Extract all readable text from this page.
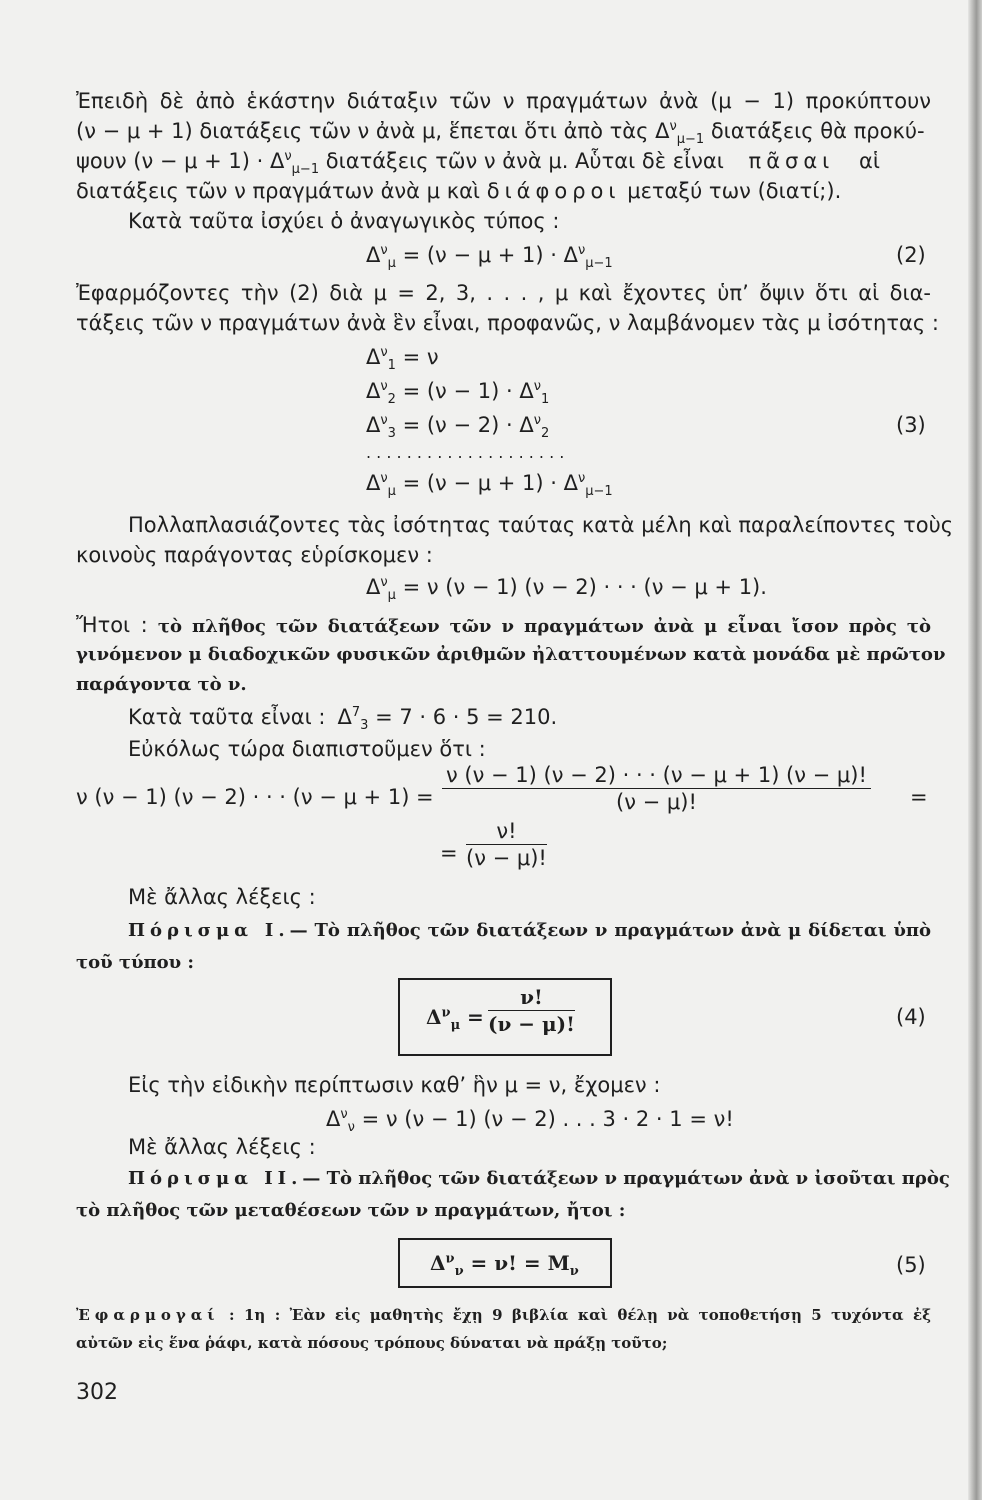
Ἐπειδὴ δὲ ἀπὸ ἑκάστην διάταξιν τῶν ν πραγμάτων ἀνὰ (μ − 1) προκύπτουν
(ν − μ + 1) διατάξεις τῶν ν ἀνὰ μ, ἕπεται ὅτι ἀπὸ τὰς $\Delta^\nu_{\mu-1}$ διατάξεις θὰ προκύ-
ψουν $(\nu - \mu + 1) \cdot \Delta^\nu_{\mu-1}$ διατάξεις τῶν ν ἀνὰ μ. Αὗται δὲ εἶναι πᾶσαι αἱ
διατάξεις τῶν ν πραγμάτων ἀνὰ μ καὶ διάφοροι μεταξύ των (διατί;).
Κατὰ ταῦτα ἰσχύει ὁ ἀναγωγικὸς τύπος :
$\Delta^\nu_\mu = (\nu - \mu + 1) \cdot \Delta^\nu_{\mu-1}$	(2)
Ἐφαρμόζοντες τὴν (2) διὰ μ = 2, 3, . . . , μ καὶ ἔχοντες ὑπ’ ὄψιν ὅτι αἱ δια-
τάξεις τῶν ν πραγμάτων ἀνὰ ἓν εἶναι, προφανῶς, ν λαμβάνομεν τὰς μ ἰσότητας :
$\Delta^\nu_1 = \nu$
$\Delta^\nu_2 = (\nu - 1) \cdot \Delta^\nu_1$
$\Delta^\nu_3 = (\nu - 2) \cdot \Delta^\nu_2$	(3)
. . . . . . . . . . . . . . . . . . . .
$\Delta^\nu_\mu = (\nu - \mu + 1) \cdot \Delta^\nu_{\mu-1}$
Πολλαπλασιάζοντες τὰς ἰσότητας ταύτας κατὰ μέλη καὶ παραλείποντες τοὺς
κοινοὺς παράγοντας εὑρίσκομεν :
$\Delta^\nu_\mu = \nu$ (ν − 1) (ν − 2) · · · (ν − μ + 1).
Ἤτοι : τὸ πλῆθος τῶν διατάξεων τῶν ν πραγμάτων ἀνὰ μ εἶναι ἴσον πρὸς τὸ
γινόμενον μ διαδοχικῶν φυσικῶν ἀριθμῶν ἠλαττουμένων κατὰ μονάδα μὲ πρῶτον
παράγοντα τὸ ν.
Κατὰ ταῦτα εἶναι : $\Delta^7_3 = 7 \cdot 6 \cdot 5 = 210$.
Εὐκόλως τώρα διαπιστοῦμεν ὅτι :
ν (ν − 1) (ν − 2) · · · $(\nu - \mu + 1) = \frac{\nu (\nu - 1) (\nu - 2) \cdot \cdot \cdot (\nu - \mu + 1) (\nu - \mu)!}{(\nu - \mu)!}$ =
= $\frac{\nu!}{(\nu - \mu)!}$
Μὲ ἄλλας λέξεις :
Πόρισμα Ι.— Τὸ πλῆθος τῶν διατάξεων ν πραγμάτων ἀνὰ μ δίδεται ὑπὸ
τοῦ τύπου :
$\Delta^\nu_\mu = \frac{\nu!}{(\nu - \mu)!}$	(4)
Εἰς τὴν εἰδικὴν περίπτωσιν καθ’ ἣν μ = ν, ἔχομεν :
$\Delta^\nu_\nu = \nu$ (ν − 1) (ν − 2) . . . 3 · 2 · 1 = ν!
Μὲ ἄλλας λέξεις :
Πόρισμα ΙΙ.— Τὸ πλῆθος τῶν διατάξεων ν πραγμάτων ἀνὰ ν ἰσοῦται πρὸς
τὸ πλῆθος τῶν μεταθέσεων τῶν ν πραγμάτων, ἤτοι :
$\Delta^\nu_\nu = \nu$! = $M_\nu$	(5)
Ἐφαρμογαί : 1η : Ἐὰν εἰς μαθητὴς ἔχῃ 9 βιβλία καὶ θέλῃ νὰ τοποθετήσῃ 5 τυχόντα ἐξ
αὐτῶν εἰς ἕνα ῥάφι, κατὰ πόσους τρόπους δύναται νὰ πράξῃ τοῦτο;
302
